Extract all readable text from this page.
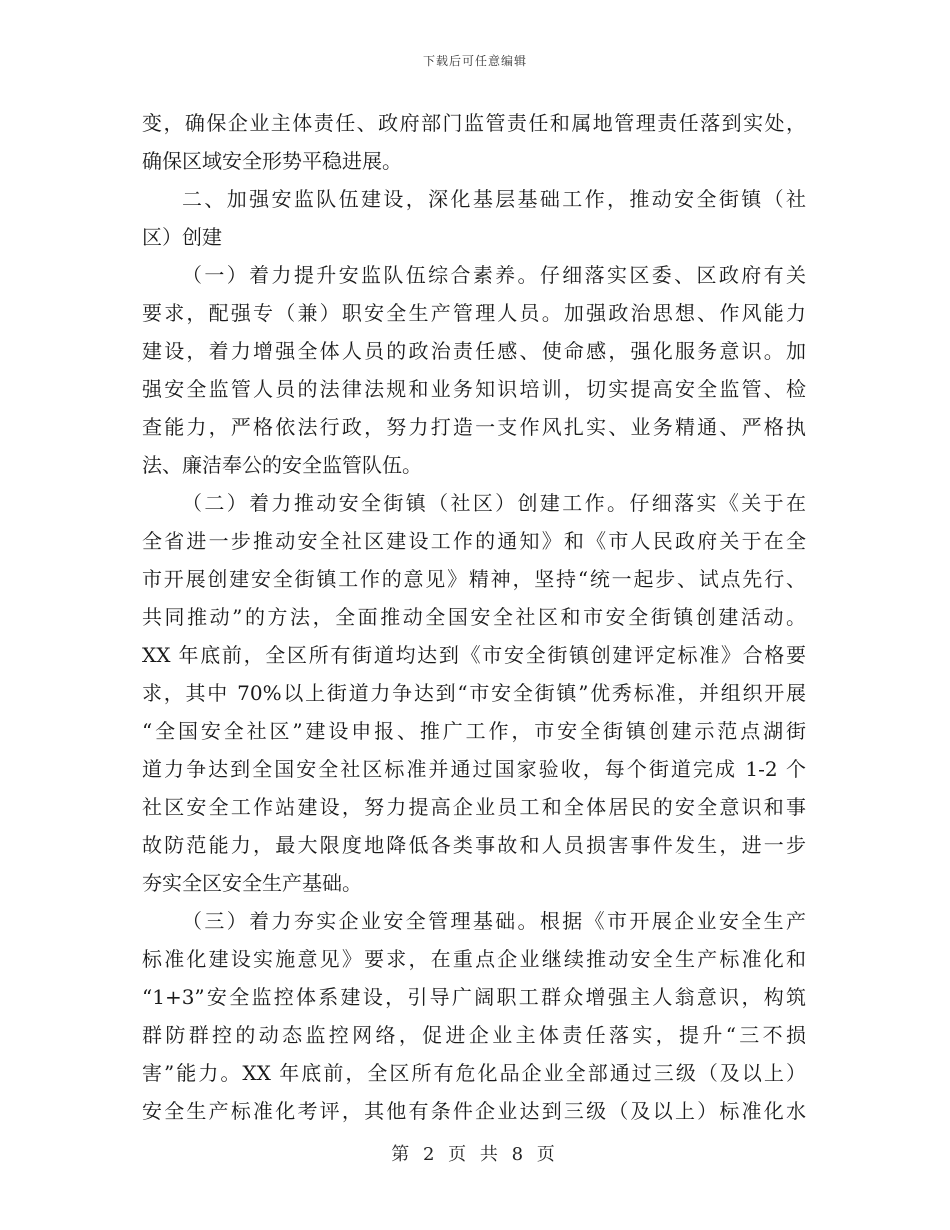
下载后可任意编辑
变，确保企业主体责任、政府部门监管责任和属地管理责任落到实处，
确保区域安全形势平稳进展。
二、加强安监队伍建设，深化基层基础工作，推动安全街镇（社
区）创建
（一）着力提升安监队伍综合素养。仔细落实区委、区政府有关
要求，配强专（兼）职安全生产管理人员。加强政治思想、作风能力
建设，着力增强全体人员的政治责任感、使命感，强化服务意识。加
强安全监管人员的法律法规和业务知识培训，切实提高安全监管、检
查能力，严格依法行政，努力打造一支作风扎实、业务精通、严格执
法、廉洁奉公的安全监管队伍。
（二）着力推动安全街镇（社区）创建工作。仔细落实《关于在
全省进一步推动安全社区建设工作的通知》和《市人民政府关于在全
市开展创建安全街镇工作的意见》精神，坚持“统一起步、试点先行、
共同推动”的方法，全面推动全国安全社区和市安全街镇创建活动。
XX 年底前，全区所有街道均达到《市安全街镇创建评定标准》合格要
求，其中 70%以上街道力争达到“市安全街镇”优秀标准，并组织开展
“全国安全社区”建设申报、推广工作，市安全街镇创建示范点湖街
道力争达到全国安全社区标准并通过国家验收，每个街道完成 1-2 个
社区安全工作站建设，努力提高企业员工和全体居民的安全意识和事
故防范能力，最大限度地降低各类事故和人员损害事件发生，进一步
夯实全区安全生产基础。
（三）着力夯实企业安全管理基础。根据《市开展企业安全生产
标准化建设实施意见》要求，在重点企业继续推动安全生产标准化和
“1+3”安全监控体系建设，引导广阔职工群众增强主人翁意识，构筑
群防群控的动态监控网络，促进企业主体责任落实，提升“三不损
害”能力。XX 年底前，全区所有危化品企业全部通过三级（及以上）
安全生产标准化考评，其他有条件企业达到三级（及以上）标准化水
第 2 页 共 8 页
